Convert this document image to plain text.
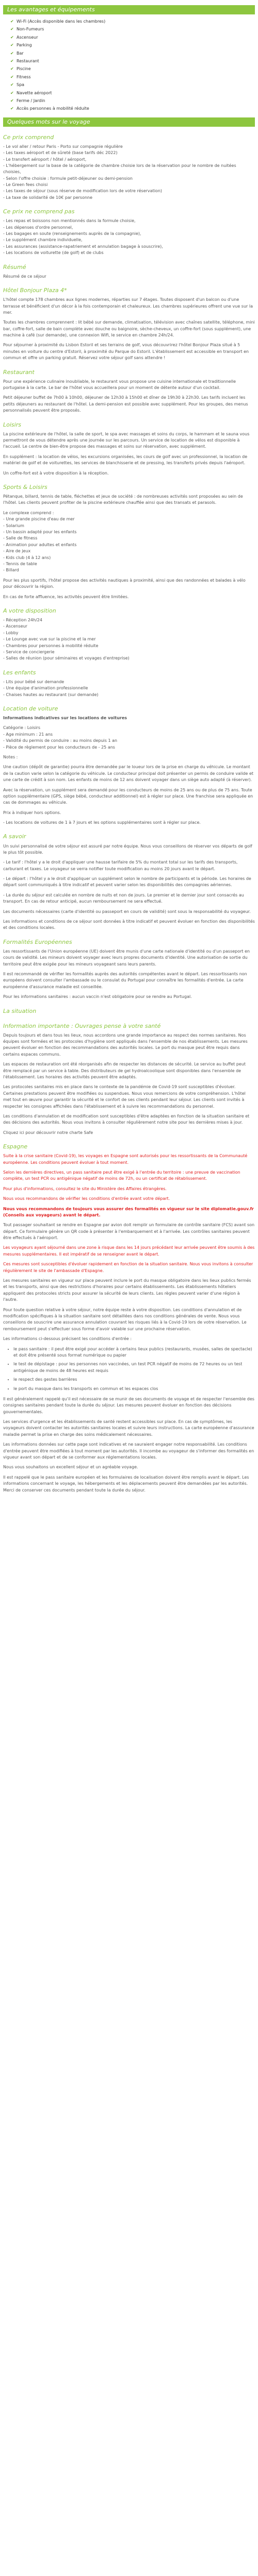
Les avantages et équipements
✔ Wi-Fi (Accès disponible dans les chambres)
✔ Non-Fumeurs
✔ Ascenseur
✔ Parking
✔ Bar
✔ Restaurant
✔ Piscine
✔ Fitness
✔ Spa
✔ Navette aéroport
✔ Ferme / Jardin
✔ Accès personnes à mobilité réduite
Quelques mots sur le voyage
Ce prix comprend

- Le vol aller / retour Paris - Porto sur compagnie régulière
- Les taxes aéroport et de sûreté (base tarifs déc 2022)
- Le transfert aéroport / hôtel / aéroport,
- L'hébergement sur la base de la catégorie de chambre choisie lors de la réservation pour le nombre de nuitées choisies,
- Selon l'offre choisie : formule petit-déjeuner ou demi-pension
- Le Green fees choisi
- Les taxes de séjour (sous réserve de modification lors de votre réservation)
- La taxe de solidarité de 10€ par personne

Ce prix ne comprend pas

- Les repas et boissons non mentionnés dans la formule choisie,
- Les dépenses d'ordre personnel,
- Les bagages en soute (renseignements auprès de la compagnie),
- Le supplément chambre individuelle,
- Les assurances (assistance-rapatriement et annulation bagage à souscrire),
- Les locations de voiturette (de golf) et de clubs

Résumé

Résumé de ce séjour

Hôtel Bonjour Plaza 4*

L'hôtel compte 178 chambres aux lignes modernes, réparties sur 7 étages. Toutes disposent d'un balcon ou d'une terrasse et bénéficient d'un décor à la fois contemporain et chaleureux. Les chambres supérieures offrent une vue sur la mer.

Toutes les chambres comprennent : lit bébé sur demande, climatisation, télévision avec chaînes satellite, téléphone, mini bar, coffre-fort, salle de bain complète avec douche ou baignoire, sèche-cheveux, un coffre-fort (sous supplément), une machine à café (sur demande), une connexion Wifi, le service en chambre 24h/24.

Pour séjourner à proximité du Lisbon Estoril et ses terrains de golf, vous découvrirez l'hôtel Bonjour Plaza situé à 5 minutes en voiture du centre d'Estoril, à proximité du Parque do Estoril. L'établissement est accessible en transport en commun et offre un parking gratuit. Réservez votre séjour golf sans attendre !

Restaurant

Pour une expérience culinaire inoubliable, le restaurant vous propose une cuisine internationale et traditionnelle portugaise à la carte. Le bar de l'hôtel vous accueillera pour un moment de détente autour d'un cocktail.

Petit déjeuner buffet de 7h00 à 10h00, déjeuner de 12h30 à 15h00 et dîner de 19h30 à 22h30. Les tarifs incluent les petits déjeuners au restaurant de l'hôtel. La demi-pension est possible avec supplément. Pour les groupes, des menus personnalisés peuvent être proposés.

Loisirs

La piscine extérieure de l'hôtel, la salle de sport, le spa avec massages et soins du corps, le hammam et le sauna vous permettront de vous détendre après une journée sur les parcours. Un service de location de vélos est disponible à l'accueil. Le centre de bien-être propose des massages et soins sur réservation, avec supplément.

En supplément : la location de vélos, les excursions organisées, les cours de golf avec un professionnel, la location de matériel de golf et de voiturettes, les services de blanchisserie et de pressing, les transferts privés depuis l'aéroport.

Un coffre-fort est à votre disposition à la réception.

Sports & Loisirs

Pétanque, billard, tennis de table, fléchettes et jeux de société : de nombreuses activités sont proposées au sein de l'hôtel. Les clients peuvent profiter de la piscine extérieure chauffée ainsi que des transats et parasols.

Le complexe comprend :
- Une grande piscine d'eau de mer
- Solarium
- Un bassin adapté pour les enfants
- Salle de fitness
- Animation pour adultes et enfants
- Aire de jeux
- Kids club (4 à 12 ans)
- Tennis de table
- Billard

Pour les plus sportifs, l'hôtel propose des activités nautiques à proximité, ainsi que des randonnées et balades à vélo pour découvrir la région.

En cas de forte affluence, les activités peuvent être limitées.

A votre disposition

- Réception 24h/24
- Ascenseur
- Lobby
- Le Lounge avec vue sur la piscine et la mer
- Chambres pour personnes à mobilité réduite
- Service de conciergerie
- Salles de réunion (pour séminaires et voyages d'entreprise)

Les enfants

- Lits pour bébé sur demande
- Une équipe d'animation professionnelle
- Chaises hautes au restaurant (sur demande)

Location de voiture

Informations indicatives sur les locations de voitures

Catégorie : Loisirs
- Age minimum : 21 ans
- Validité du permis de conduire : au moins depuis 1 an
- Pièce de règlement pour les conducteurs de - 25 ans

Notes :

Une caution (dépôt de garantie) pourra être demandée par le loueur lors de la prise en charge du véhicule. Le montant de la caution varie selon la catégorie du véhicule. Le conducteur principal doit présenter un permis de conduire valide et une carte de crédit à son nom. Les enfants de moins de 12 ans doivent voyager dans un siège auto adapté (à réserver).

Avec la réservation, un supplément sera demandé pour les conducteurs de moins de 25 ans ou de plus de 75 ans. Toute option supplémentaire (GPS, siège bébé, conducteur additionnel) est à régler sur place. Une franchise sera appliquée en cas de dommages au véhicule.

Prix à indiquer hors options.

- Les locations de voitures de 1 à 7 jours et les options supplémentaires sont à régler sur place.

A savoir

Un suivi personnalisé de votre séjour est assuré par notre équipe. Nous vous conseillons de réserver vos départs de golf le plus tôt possible.

- Le tarif : l'hôtel y a le droit d'appliquer une hausse tarifaire de 5% du montant total sur les tarifs des transports, carburant et taxes. Le voyageur se verra notifier toute modification au moins 20 jours avant le départ.

- Le départ : l'hôtel y a le droit d'appliquer un supplément selon le nombre de participants et la période. Les horaires de départ sont communiqués à titre indicatif et peuvent varier selon les disponibilités des compagnies aériennes.

- La durée du séjour est calculée en nombre de nuits et non de jours. Le premier et le dernier jour sont consacrés au transport. En cas de retour anticipé, aucun remboursement ne sera effectué.

Les documents nécessaires (carte d'identité ou passeport en cours de validité) sont sous la responsabilité du voyageur.

Les informations et conditions de ce séjour sont données à titre indicatif et peuvent évoluer en fonction des disponibilités et des conditions locales.

Formalités Européennes

Les ressortissants de l'Union européenne (UE) doivent être munis d'une carte nationale d'identité ou d'un passeport en cours de validité. Les mineurs doivent voyager avec leurs propres documents d'identité. Une autorisation de sortie du territoire peut être exigée pour les mineurs voyageant sans leurs parents.

Il est recommandé de vérifier les formalités auprès des autorités compétentes avant le départ. Les ressortissants non européens doivent consulter l'ambassade ou le consulat du Portugal pour connaître les formalités d'entrée. La carte européenne d'assurance maladie est conseillée.

Pour les informations sanitaires : aucun vaccin n'est obligatoire pour se rendre au Portugal.

La situation
Information importante : Ouvrages pense à votre santé

Depuis toujours et dans tous les lieux, nous accordons une grande importance au respect des normes sanitaires. Nos équipes sont formées et les protocoles d'hygiène sont appliqués dans l'ensemble de nos établissements. Les mesures peuvent évoluer en fonction des recommandations des autorités locales. Le port du masque peut être requis dans certains espaces communs.

Les espaces de restauration ont été réorganisés afin de respecter les distances de sécurité. Le service au buffet peut être remplacé par un service à table. Des distributeurs de gel hydroalcoolique sont disponibles dans l'ensemble de l'établissement. Les horaires des activités peuvent être adaptés.

Les protocoles sanitaires mis en place dans le contexte de la pandémie de Covid-19 sont susceptibles d'évoluer. Certaines prestations peuvent être modifiées ou suspendues. Nous vous remercions de votre compréhension. L'hôtel met tout en œuvre pour garantir la sécurité et le confort de ses clients pendant leur séjour. Les clients sont invités à respecter les consignes affichées dans l'établissement et à suivre les recommandations du personnel.

Les conditions d'annulation et de modification sont susceptibles d'être adaptées en fonction de la situation sanitaire et des décisions des autorités. Nous vous invitons à consulter régulièrement notre site pour les dernières mises à jour.

Cliquez ici pour découvrir notre charte Safe

Espagne

Suite à la crise sanitaire (Covid-19), les voyages en Espagne sont autorisés pour les ressortissants de la Communauté européenne. Les conditions peuvent évoluer à tout moment.

Selon les dernières directives, un pass sanitaire peut être exigé à l'entrée du territoire : une preuve de vaccination complète, un test PCR ou antigénique négatif de moins de 72h, ou un certificat de rétablissement.

Pour plus d'informations, consultez le site du Ministère des Affaires étrangères.

Nous vous recommandons de vérifier les conditions d'entrée avant votre départ.

Nous vous recommandons de toujours vous assurer des formalités en vigueur sur le site diplomatie.gouv.fr (Conseils aux voyageurs) avant le départ.

Tout passager souhaitant se rendre en Espagne par avion doit remplir un formulaire de contrôle sanitaire (FCS) avant son départ. Ce formulaire génère un QR code à présenter à l'embarquement et à l'arrivée. Les contrôles sanitaires peuvent être effectués à l'aéroport.

Les voyageurs ayant séjourné dans une zone à risque dans les 14 jours précédant leur arrivée peuvent être soumis à des mesures supplémentaires. Il est impératif de se renseigner avant le départ.

Ces mesures sont susceptibles d'évoluer rapidement en fonction de la situation sanitaire. Nous vous invitons à consulter régulièrement le site de l'ambassade d'Espagne.

Les mesures sanitaires en vigueur sur place peuvent inclure le port du masque obligatoire dans les lieux publics fermés et les transports, ainsi que des restrictions d'horaires pour certains établissements. Les établissements hôteliers appliquent des protocoles stricts pour assurer la sécurité de leurs clients. Les règles peuvent varier d'une région à l'autre.

Pour toute question relative à votre séjour, notre équipe reste à votre disposition. Les conditions d'annulation et de modification spécifiques à la situation sanitaire sont détaillées dans nos conditions générales de vente. Nous vous conseillons de souscrire une assurance annulation couvrant les risques liés à la Covid-19 lors de votre réservation. Le remboursement peut s'effectuer sous forme d'avoir valable sur une prochaine réservation.

Les informations ci-dessous précisent les conditions d'entrée :

• le pass sanitaire : il peut être exigé pour accéder à certains lieux publics (restaurants, musées, salles de spectacle) et doit être présenté sous format numérique ou papier
• le test de dépistage : pour les personnes non vaccinées, un test PCR négatif de moins de 72 heures ou un test antigénique de moins de 48 heures est requis
• le respect des gestes barrières
• le port du masque dans les transports en commun et les espaces clos

Il est généralement rappelé qu'il est nécessaire de se munir de ses documents de voyage et de respecter l'ensemble des consignes sanitaires pendant toute la durée du séjour. Les mesures peuvent évoluer en fonction des décisions gouvernementales.

Les services d'urgence et les établissements de santé restent accessibles sur place. En cas de symptômes, les voyageurs doivent contacter les autorités sanitaires locales et suivre leurs instructions. La carte européenne d'assurance maladie permet la prise en charge des soins médicalement nécessaires.

Les informations données sur cette page sont indicatives et ne sauraient engager notre responsabilité. Les conditions d'entrée peuvent être modifiées à tout moment par les autorités. Il incombe au voyageur de s'informer des formalités en vigueur avant son départ et de se conformer aux réglementations locales.

Nous vous souhaitons un excellent séjour et un agréable voyage.

Il est rappelé que le pass sanitaire européen et les formulaires de localisation doivent être remplis avant le départ. Les informations concernant le voyage, les hébergements et les déplacements peuvent être demandées par les autorités. Merci de conserver ces documents pendant toute la durée du séjour.
